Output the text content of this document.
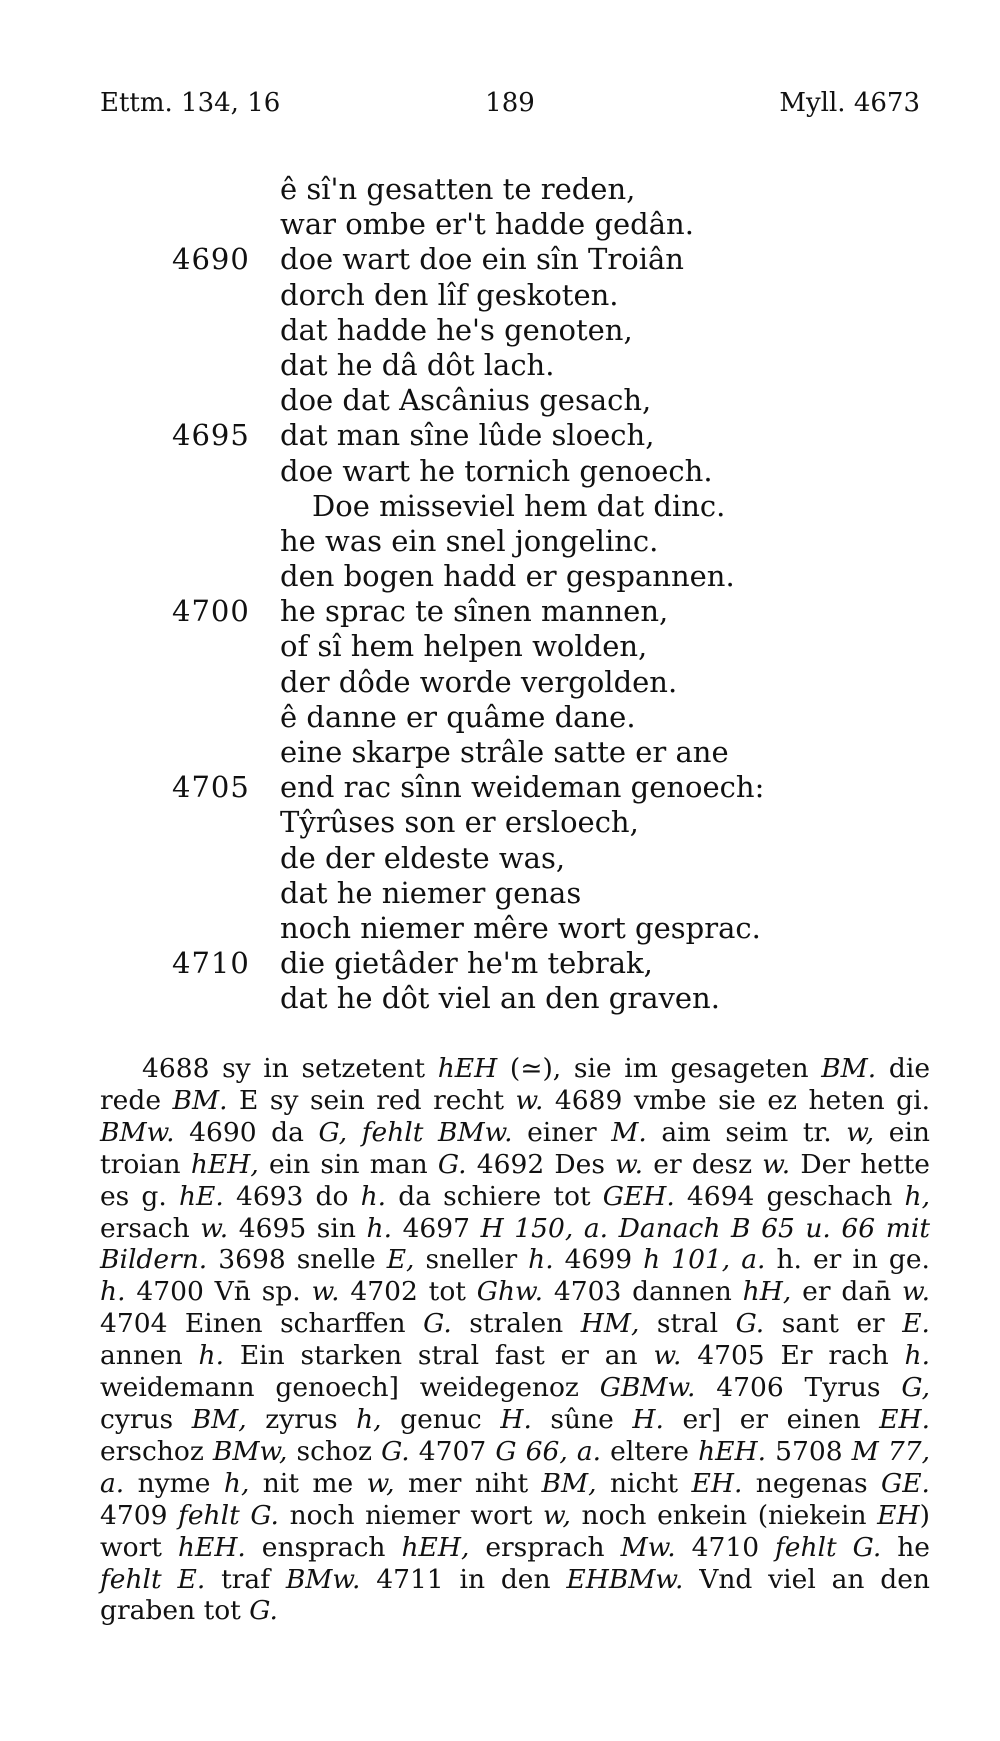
Ettm. 134, 16	189	Myll. 4673
ê sî'n gesatten te reden,
war ombe er't hadde gedân.
4690	doe wart doe ein sîn Troiân
dorch den lîf geskoten.
dat hadde he's genoten,
dat he dâ dôt lach.
doe dat Ascânius gesach,
4695	dat man sîne lûde sloech,
doe wart he tornich genoech.
Doe misseviel hem dat dinc.
he was ein snel jongelinc.
den bogen hadd er gespannen.
4700	he sprac te sînen mannen,
of sî hem helpen wolden,
der dôde worde vergolden.
ê danne er quâme dane.
eine skarpe strâle satte er ane
4705	end rac sînn weideman genoech:
Tŷrûses son er ersloech,
de der eldeste was,
dat he niemer genas
noch niemer mêre wort gesprac.
4710	die gietâder he'm tebrak,
dat he dôt viel an den graven.

4688 sy in setzetent hEH (≃), sie im gesageten BM. die rede BM. E sy sein red recht w. 4689 vmbe sie ez heten gi. BMw. 4690 da G, fehlt BMw. einer M. aim seim tr. w, ein troian hEH, ein sin man G. 4692 Des w. er desz w. Der hette es g. hE. 4693 do h. da schiere tot GEH. 4694 geschach h, ersach w. 4695 sin h. 4697 H 150, a. Danach B 65 u. 66 mit Bildern. 3698 snelle E, sneller h. 4699 h 101, a. h. er in ge. h. 4700 Vn̄ sp. w. 4702 tot Ghw. 4703 dannen hH, er dan̄ w. 4704 Einen scharffen G. stralen HM, stral G. sant er E. annen h. Ein starken stral fast er an w. 4705 Er rach h. weidemann genoech] weidegenoz GBMw. 4706 Tyrus G, cyrus BM, zyrus h, genuc H. sûne H. er] er einen EH. erschoz BMw, schoz G. 4707 G 66, a. eltere hEH. 5708 M 77, a. nyme h, nit me w, mer niht BM, nicht EH. negenas GE. 4709 fehlt G. noch niemer wort w, noch enkein (niekein EH) wort hEH. ensprach hEH, ersprach Mw. 4710 fehlt G. he fehlt E. traf BMw. 4711 in den EHBMw. Vnd viel an den graben tot G.
